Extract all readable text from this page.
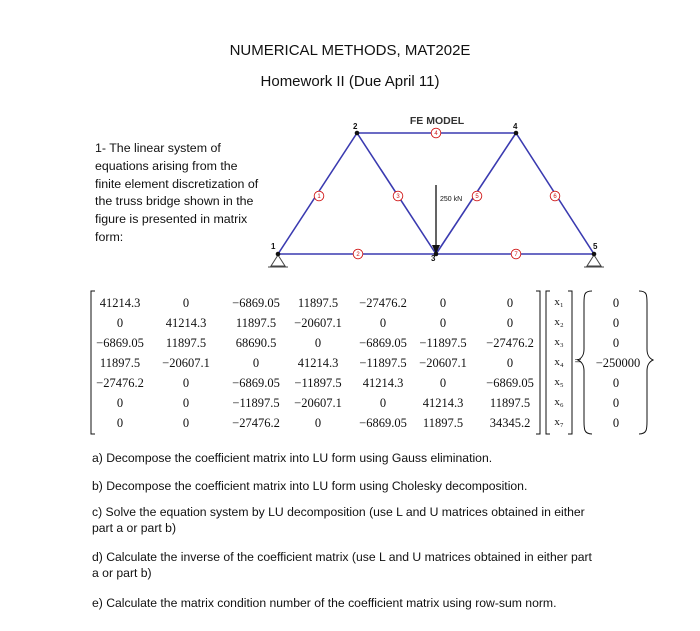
NUMERICAL METHODS, MAT202E
Homework II (Due April 11)
1- The linear system of equations arising from the finite element discretization of the truss bridge shown in the figure is presented in matrix form:
FE MODEL
250 kN
1
2
3
4
5
1
2
3
4
5	6
7
41214.3	0	−6869.05	11897.5	−27476.2	0	0
0	41214.3	11897.5	−20607.1	0	0	0
−6869.05	11897.5	68690.5	0	−6869.05	−11897.5	−27476.2
11897.5	−20607.1	0	41214.3	−11897.5	−20607.1	0
−27476.2	0	−6869.05	−11897.5	41214.3	0	−6869.05
0	0	−11897.5	−20607.1	0	41214.3	11897.5
0	0	−27476.2	0	−6869.05	11897.5	34345.2
x₁
x₂
x₃
x₄
x₅
x₆
x₇
=
0
0
0
−250000
0
0
0
a) Decompose the coefficient matrix into LU form using Gauss elimination.
b) Decompose the coefficient matrix into LU form using Cholesky decomposition.
c) Solve the equation system by LU decomposition (use L and U matrices obtained in either part a or part b)
d) Calculate the inverse of the coefficient matrix (use L and U matrices obtained in either part a or part b)
e) Calculate the matrix condition number of the coefficient matrix using row-sum norm.
